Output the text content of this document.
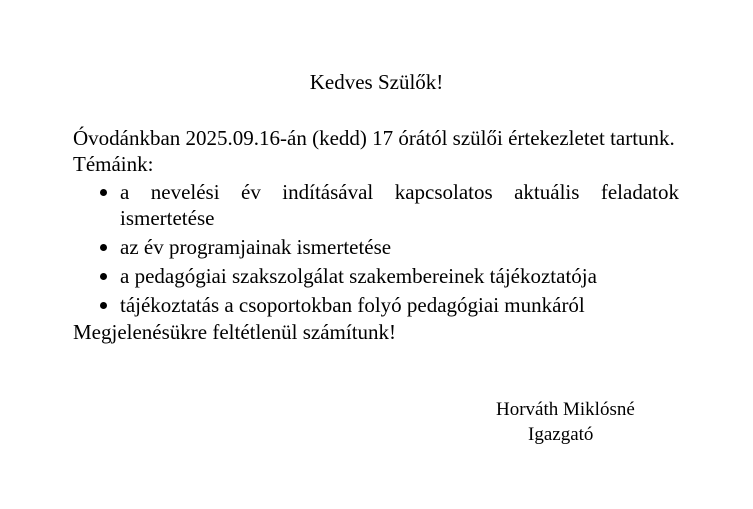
Kedves Szülők!

Óvodánkban 2025.09.16-án (kedd) 17 órától szülői értekezletet tartunk.

Témáink:

a nevelési év indításával kapcsolatos aktuális feladatok ismertetése
az év programjainak ismertetése
a pedagógiai szakszolgálat szakembereinek tájékoztatója
tájékoztatás a csoportokban folyó pedagógiai munkáról

Megjelenésükre feltétlenül számítunk!

Horváth Miklósné
Igazgató
